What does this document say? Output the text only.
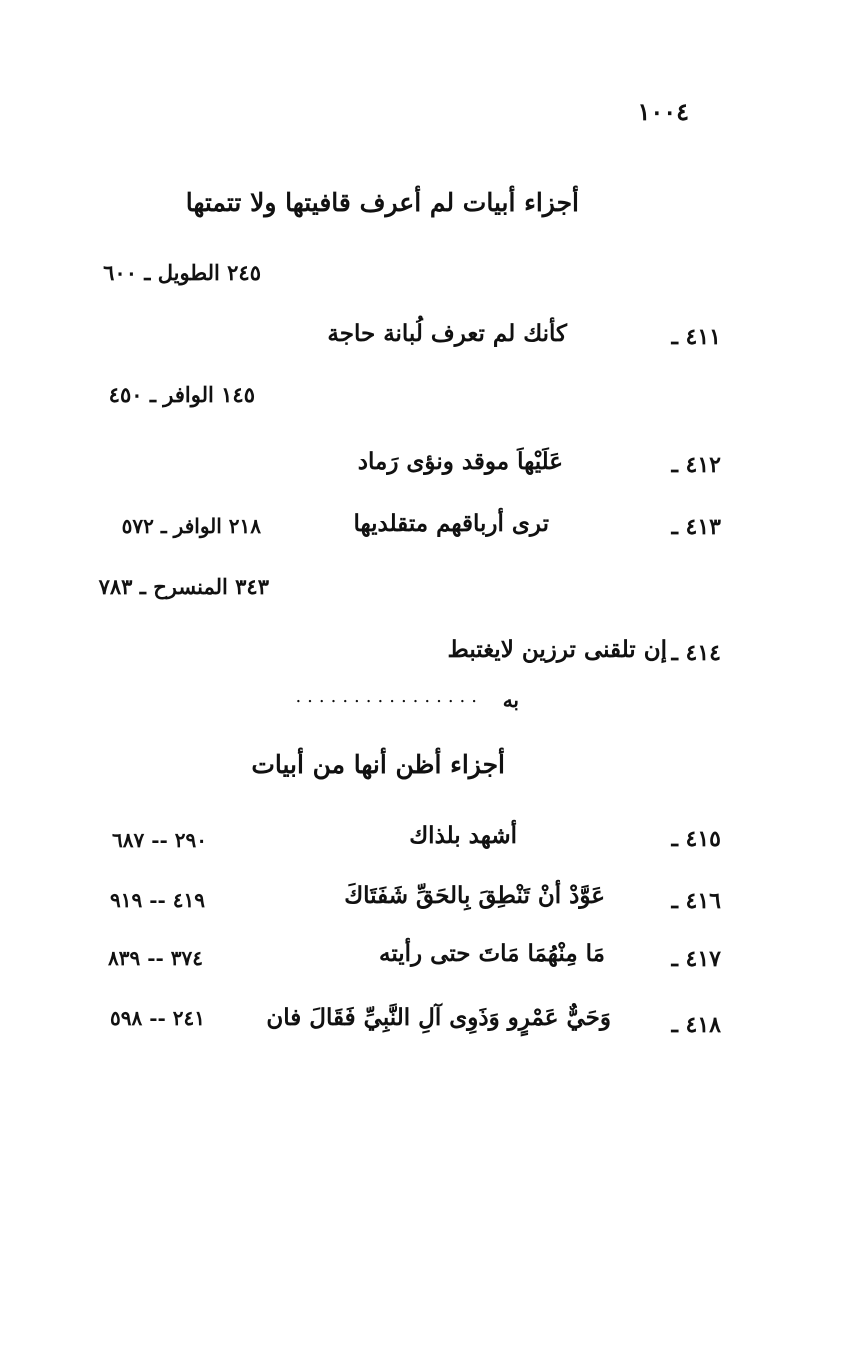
١٠٠٤
أجزاء أبيات لم أعرف قافيتها ولا تتمتها
٢٤٥ الطويل ـ ٦٠٠
٤١١ ـ
كأنك لم تعرف لُبانة حاجة
١٤٥ الوافر ـ ٤٥٠
٤١٢ ـ
عَلَيْهاَ موقد ونؤى رَماد
٤١٣ ـ
ترى أرباقهم متقلديها
٢١٨ الوافر ـ ٥٧٢
٣٤٣ المنسرح ـ ٧٨٣
٤١٤ ـ
إن تلقنى ترزين لايغتبط
به
................
أجزاء أظن أنها من أبيات
٤١٥ ـ
أشهد بلذاك
٢٩٠ -- ٦٨٧
٤١٦ ـ
عَوَّدْ أنْ تَنْطِقَ بِالحَقِّ شَفَتَاكَ
٤١٩ -- ٩١٩
٤١٧ ـ
مَا مِنْهُمَا مَاتَ حتى رأيته
٣٧٤ -- ٨٣٩
٤١٨ ـ
وَحَيٌّ عَمْرٍو وَذَوِى آلِ النَّبِيِّ فَقَالَ فان
٢٤١ -- ٥٩٨
